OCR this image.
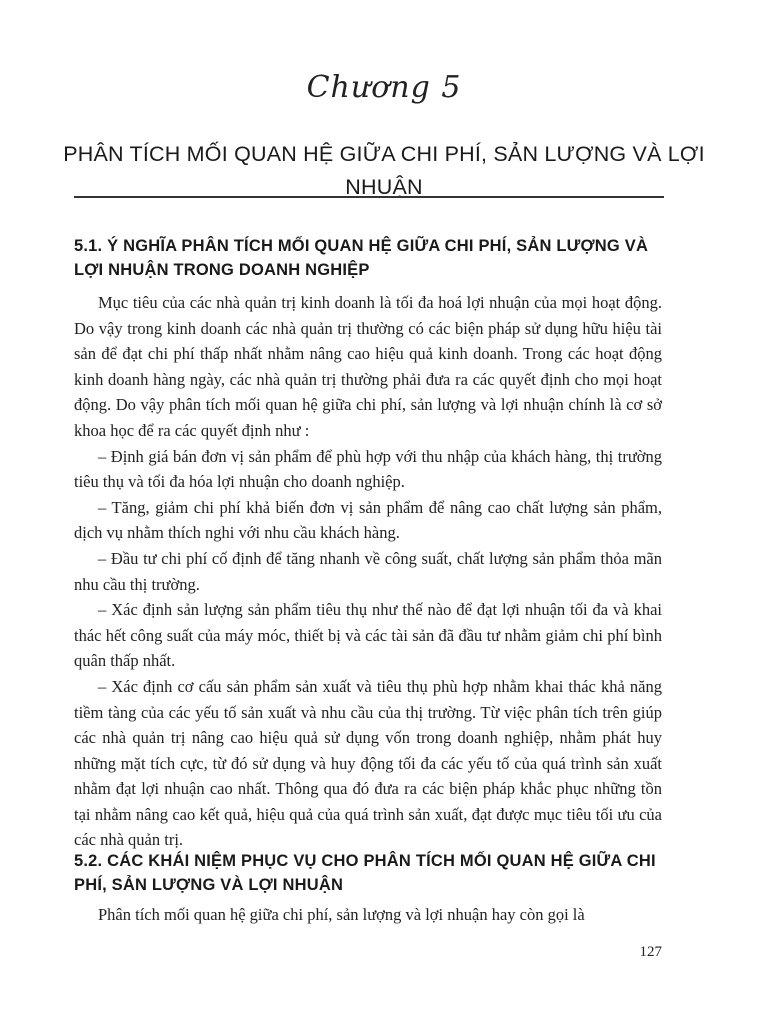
Chương 5
PHÂN TÍCH MỐI QUAN HỆ GIỮA CHI PHÍ, SẢN LƯỢNG VÀ LỢI NHUẬN
5.1. Ý NGHĨA PHÂN TÍCH MỐI QUAN HỆ GIỮA CHI PHÍ, SẢN LƯỢNG VÀ LỢI NHUẬN TRONG DOANH NGHIỆP

Mục tiêu của các nhà quản trị kinh doanh là tối đa hoá lợi nhuận của mọi hoạt động. Do vậy trong kinh doanh các nhà quản trị thường có các biện pháp sử dụng hữu hiệu tài sản để đạt chi phí thấp nhất nhằm nâng cao hiệu quả kinh doanh. Trong các hoạt động kinh doanh hàng ngày, các nhà quản trị thường phải đưa ra các quyết định cho mọi hoạt động. Do vậy phân tích mối quan hệ giữa chi phí, sản lượng và lợi nhuận chính là cơ sở khoa học để ra các quyết định như :

– Định giá bán đơn vị sản phẩm để phù hợp với thu nhập của khách hàng, thị trường tiêu thụ và tối đa hóa lợi nhuận cho doanh nghiệp.

– Tăng, giảm chi phí khả biến đơn vị sản phẩm để nâng cao chất lượng sản phẩm, dịch vụ nhằm thích nghi với nhu cầu khách hàng.

– Đầu tư chi phí cố định để tăng nhanh về công suất, chất lượng sản phẩm thỏa mãn nhu cầu thị trường.

– Xác định sản lượng sản phẩm tiêu thụ như thế nào để đạt lợi nhuận tối đa và khai thác hết công suất của máy móc, thiết bị và các tài sản đã đầu tư nhằm giảm chi phí bình quân thấp nhất.

– Xác định cơ cấu sản phẩm sản xuất và tiêu thụ phù hợp nhằm khai thác khả năng tiềm tàng của các yếu tố sản xuất và nhu cầu của thị trường. Từ việc phân tích trên giúp các nhà quản trị nâng cao hiệu quả sử dụng vốn trong doanh nghiệp, nhằm phát huy những mặt tích cực, từ đó sử dụng và huy động tối đa các yếu tố của quá trình sản xuất nhằm đạt lợi nhuận cao nhất. Thông qua đó đưa ra các biện pháp khắc phục những tồn tại nhằm nâng cao kết quả, hiệu quả của quá trình sản xuất, đạt được mục tiêu tối ưu của các nhà quản trị.

5.2. CÁC KHÁI NIỆM PHỤC VỤ CHO PHÂN TÍCH MỐI QUAN HỆ GIỮA CHI PHÍ, SẢN LƯỢNG VÀ LỢI NHUẬN

Phân tích mối quan hệ giữa chi phí, sản lượng và lợi nhuận hay còn gọi là

127
